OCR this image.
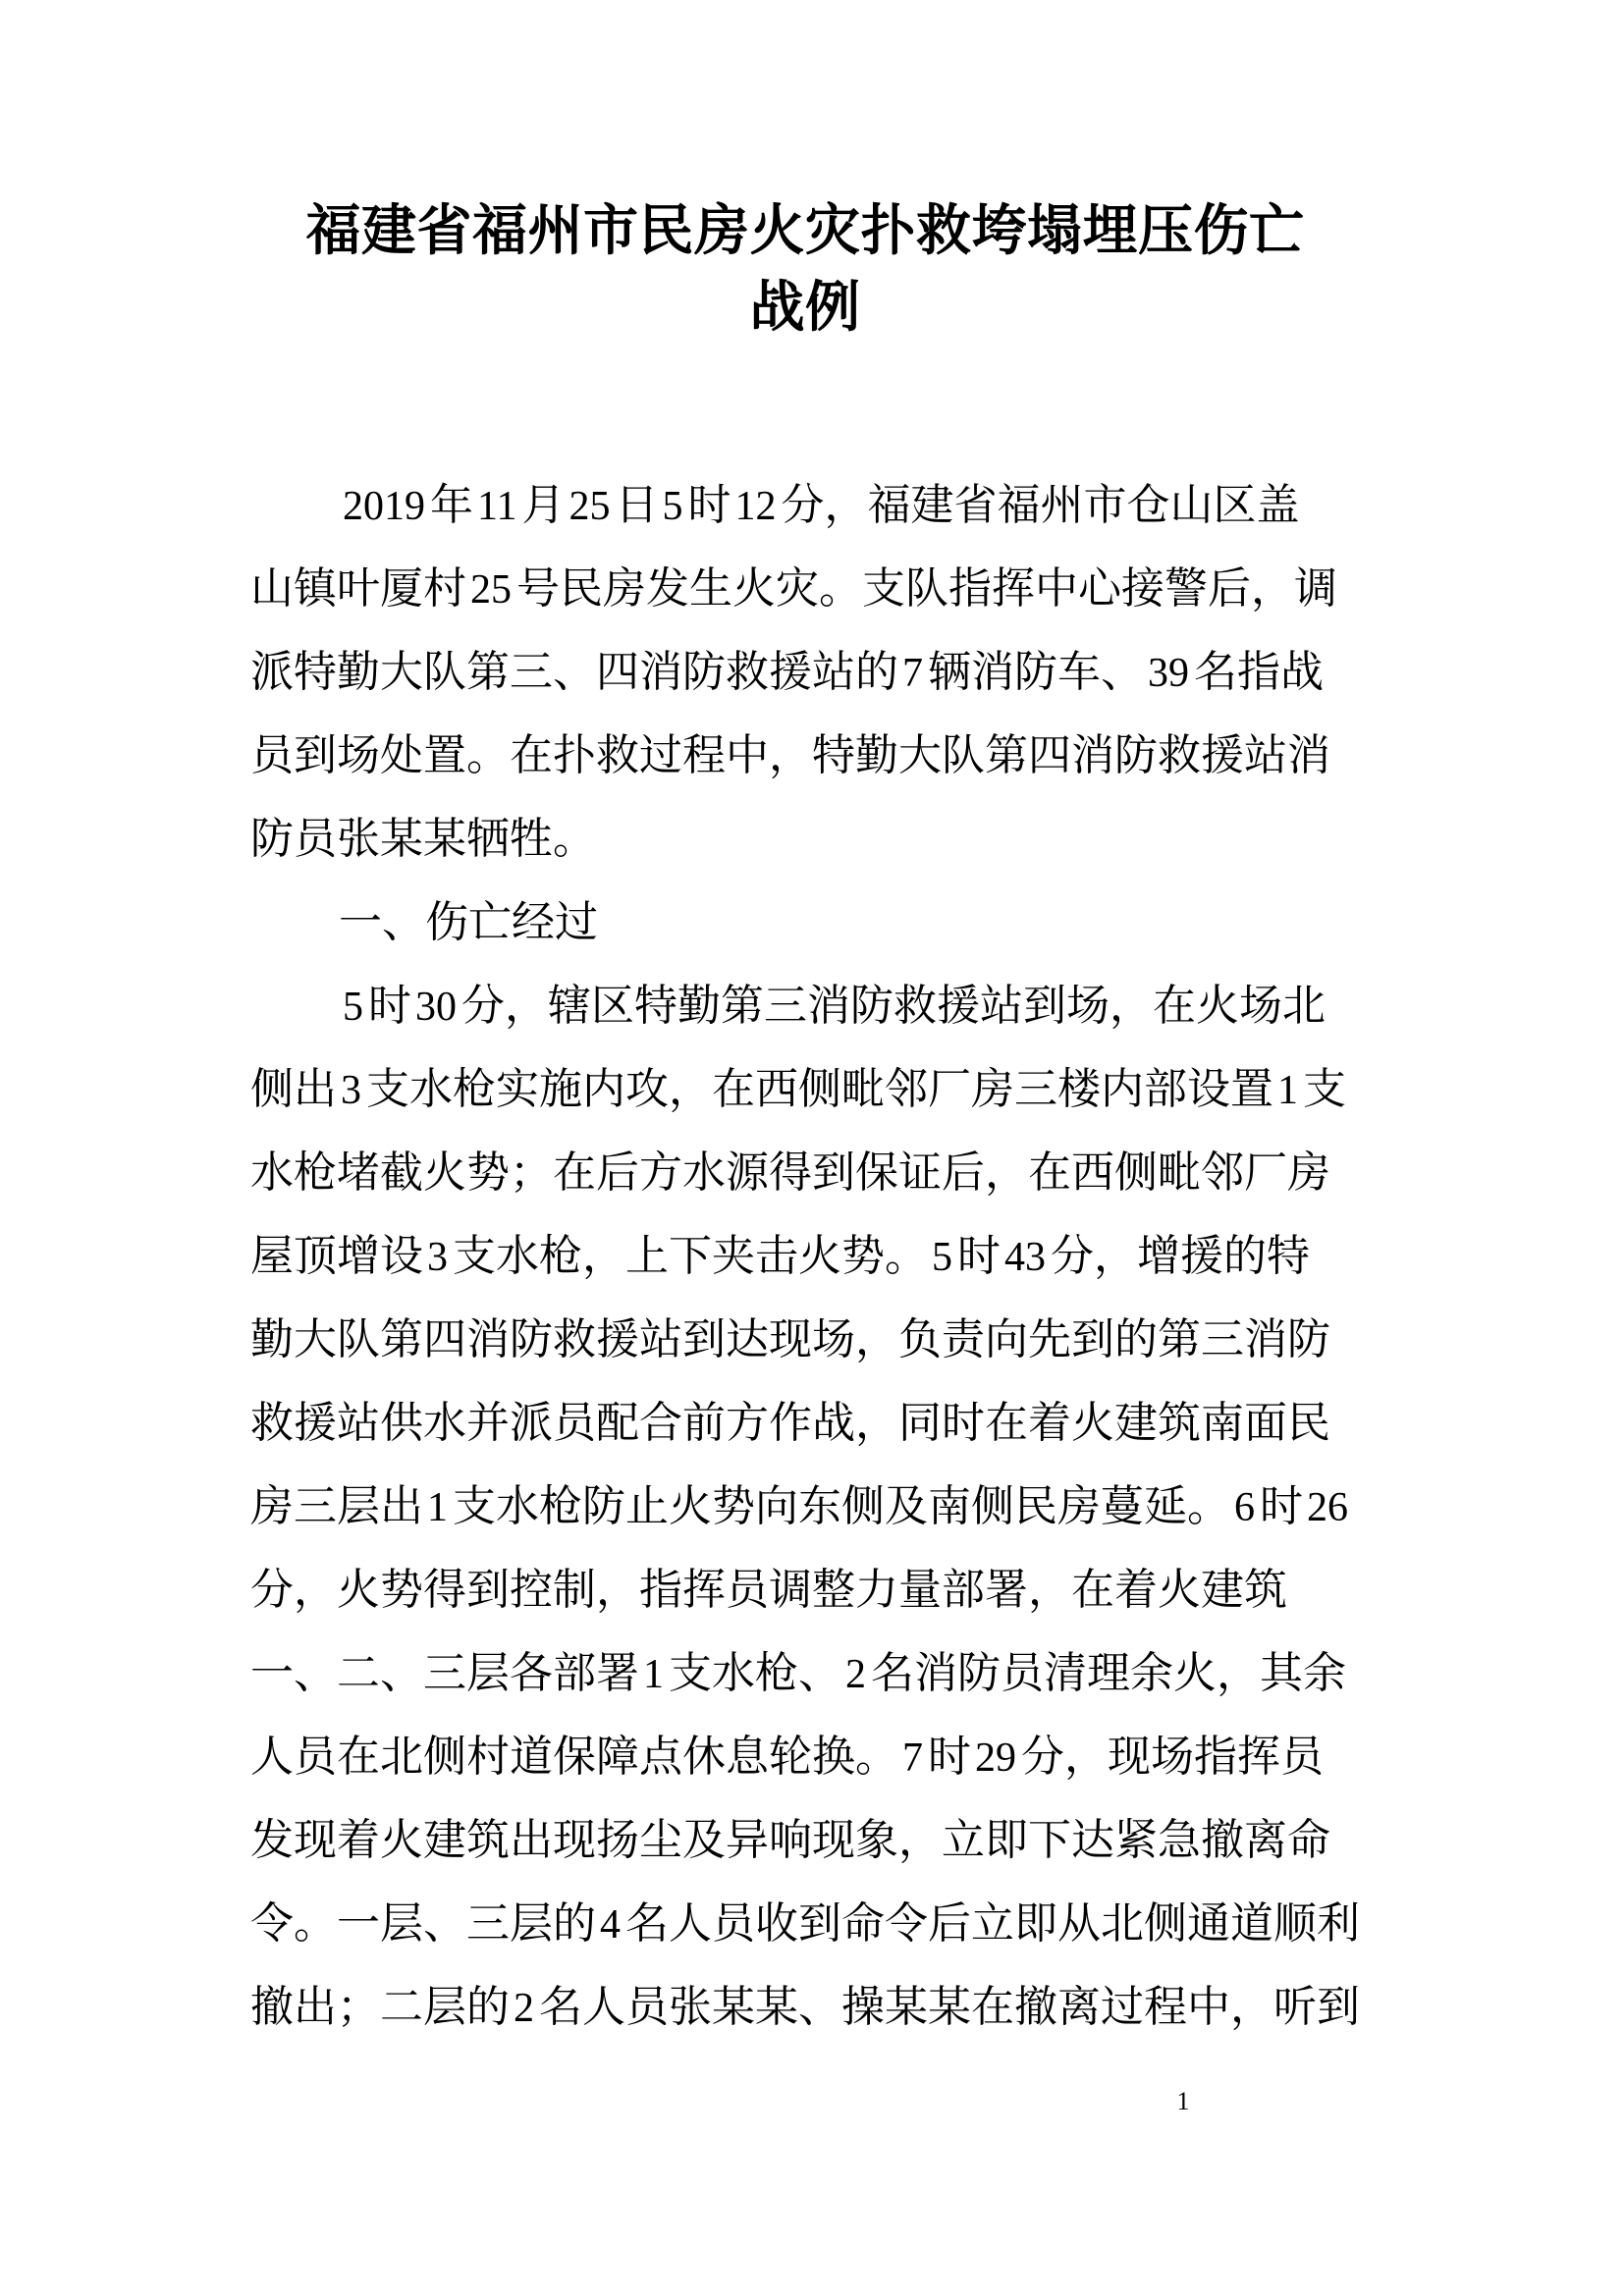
福建省福州市民房火灾扑救垮塌埋压伤亡
战例
2019 年11 月25 日5 时12 分，福建省福州市仓山区盖
山镇叶厦村25 号民房发生火灾。支队指挥中心接警后，调
派特勤大队第三、四消防救援站的7 辆消防车、39 名指战
员到场处置。在扑救过程中，特勤大队第四消防救援站消
防员张某某牺牲。
一、伤亡经过
5 时30 分，辖区特勤第三消防救援站到场，在火场北
侧出3 支水枪实施内攻，在西侧毗邻厂房三楼内部设置1 支
水枪堵截火势；在后方水源得到保证后，在西侧毗邻厂房
屋顶增设3 支水枪，上下夹击火势。5 时43 分，增援的特
勤大队第四消防救援站到达现场，负责向先到的第三消防
救援站供水并派员配合前方作战，同时在着火建筑南面民
房三层出1 支水枪防止火势向东侧及南侧民房蔓延。6 时26
分，火势得到控制，指挥员调整力量部署，在着火建筑
一、二、三层各部署1 支水枪、2 名消防员清理余火，其余
人员在北侧村道保障点休息轮换。7 时29 分，现场指挥员
发现着火建筑出现扬尘及异响现象，立即下达紧急撤离命
令。一层、三层的4 名人员收到命令后立即从北侧通道顺利
撤出；二层的2 名人员张某某、操某某在撤离过程中，听到
1
